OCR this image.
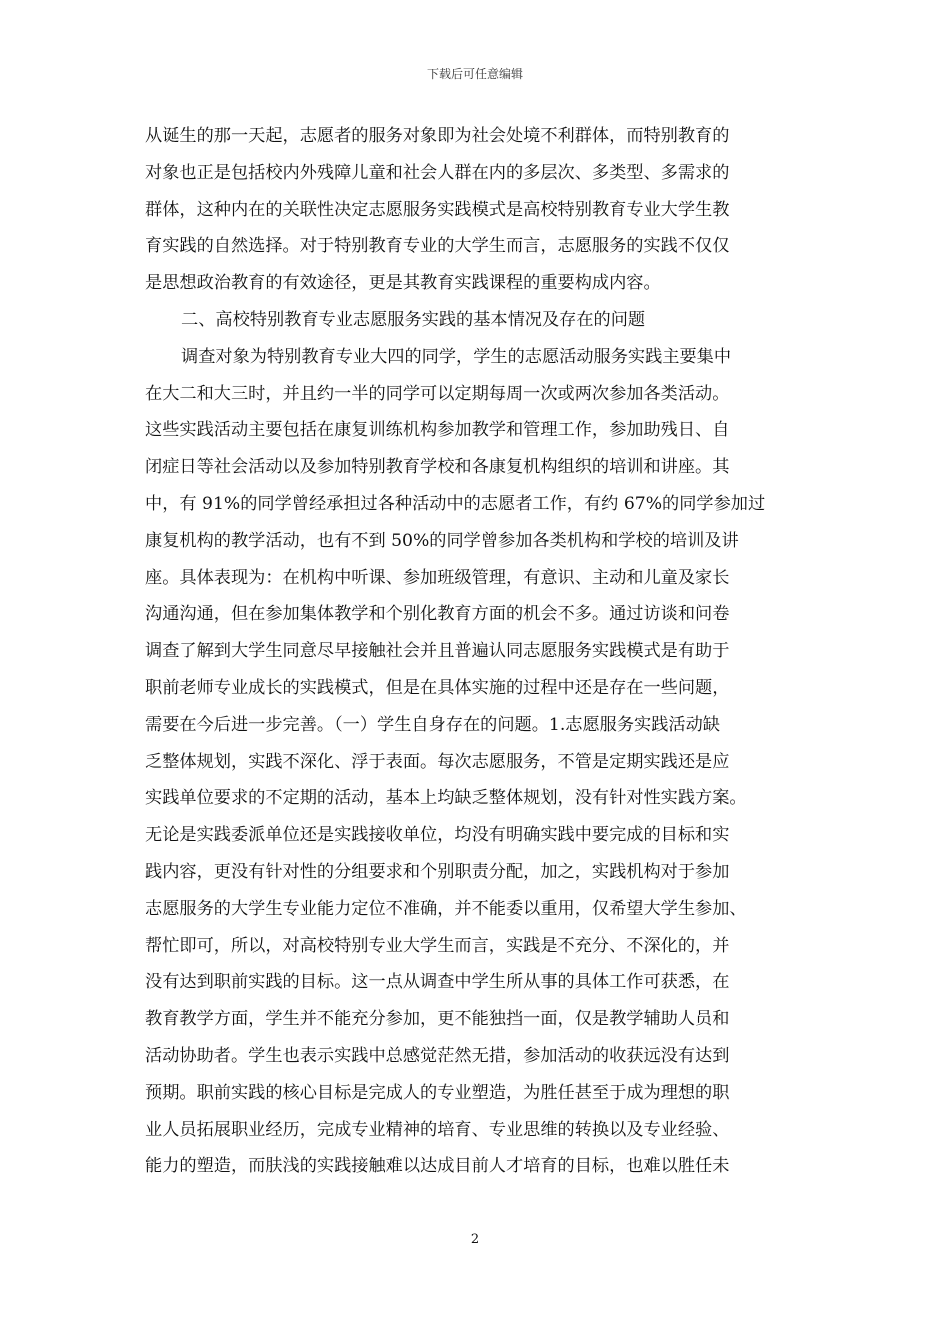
下载后可任意编辑
从诞生的那一天起，志愿者的服务对象即为社会处境不利群体，而特别教育的
对象也正是包括校内外残障儿童和社会人群在内的多层次、多类型、多需求的
群体，这种内在的关联性决定志愿服务实践模式是高校特别教育专业大学生教
育实践的自然选择。对于特别教育专业的大学生而言，志愿服务的实践不仅仅
是思想政治教育的有效途径，更是其教育实践课程的重要构成内容。
二、高校特别教育专业志愿服务实践的基本情况及存在的问题
调查对象为特别教育专业大四的同学，学生的志愿活动服务实践主要集中
在大二和大三时，并且约一半的同学可以定期每周一次或两次参加各类活动。
这些实践活动主要包括在康复训练机构参加教学和管理工作，参加助残日、自
闭症日等社会活动以及参加特别教育学校和各康复机构组织的培训和讲座。其
中，有 91%的同学曾经承担过各种活动中的志愿者工作，有约 67%的同学参加过
康复机构的教学活动，也有不到 50%的同学曾参加各类机构和学校的培训及讲
座。具体表现为：在机构中听课、参加班级管理，有意识、主动和儿童及家长
沟通沟通，但在参加集体教学和个别化教育方面的机会不多。通过访谈和问卷
调查了解到大学生同意尽早接触社会并且普遍认同志愿服务实践模式是有助于
职前老师专业成长的实践模式，但是在具体实施的过程中还是存在一些问题，
需要在今后进一步完善。（一）学生自身存在的问题。1.志愿服务实践活动缺
乏整体规划，实践不深化、浮于表面。每次志愿服务，不管是定期实践还是应
实践单位要求的不定期的活动，基本上均缺乏整体规划，没有针对性实践方案。
无论是实践委派单位还是实践接收单位，均没有明确实践中要完成的目标和实
践内容，更没有针对性的分组要求和个别职责分配，加之，实践机构对于参加
志愿服务的大学生专业能力定位不准确，并不能委以重用，仅希望大学生参加、
帮忙即可，所以，对高校特别专业大学生而言，实践是不充分、不深化的，并
没有达到职前实践的目标。这一点从调查中学生所从事的具体工作可获悉，在
教育教学方面，学生并不能充分参加，更不能独挡一面，仅是教学辅助人员和
活动协助者。学生也表示实践中总感觉茫然无措，参加活动的收获远没有达到
预期。职前实践的核心目标是完成人的专业塑造，为胜任甚至于成为理想的职
业人员拓展职业经历，完成专业精神的培育、专业思维的转换以及专业经验、
能力的塑造，而肤浅的实践接触难以达成目前人才培育的目标，也难以胜任未
2
